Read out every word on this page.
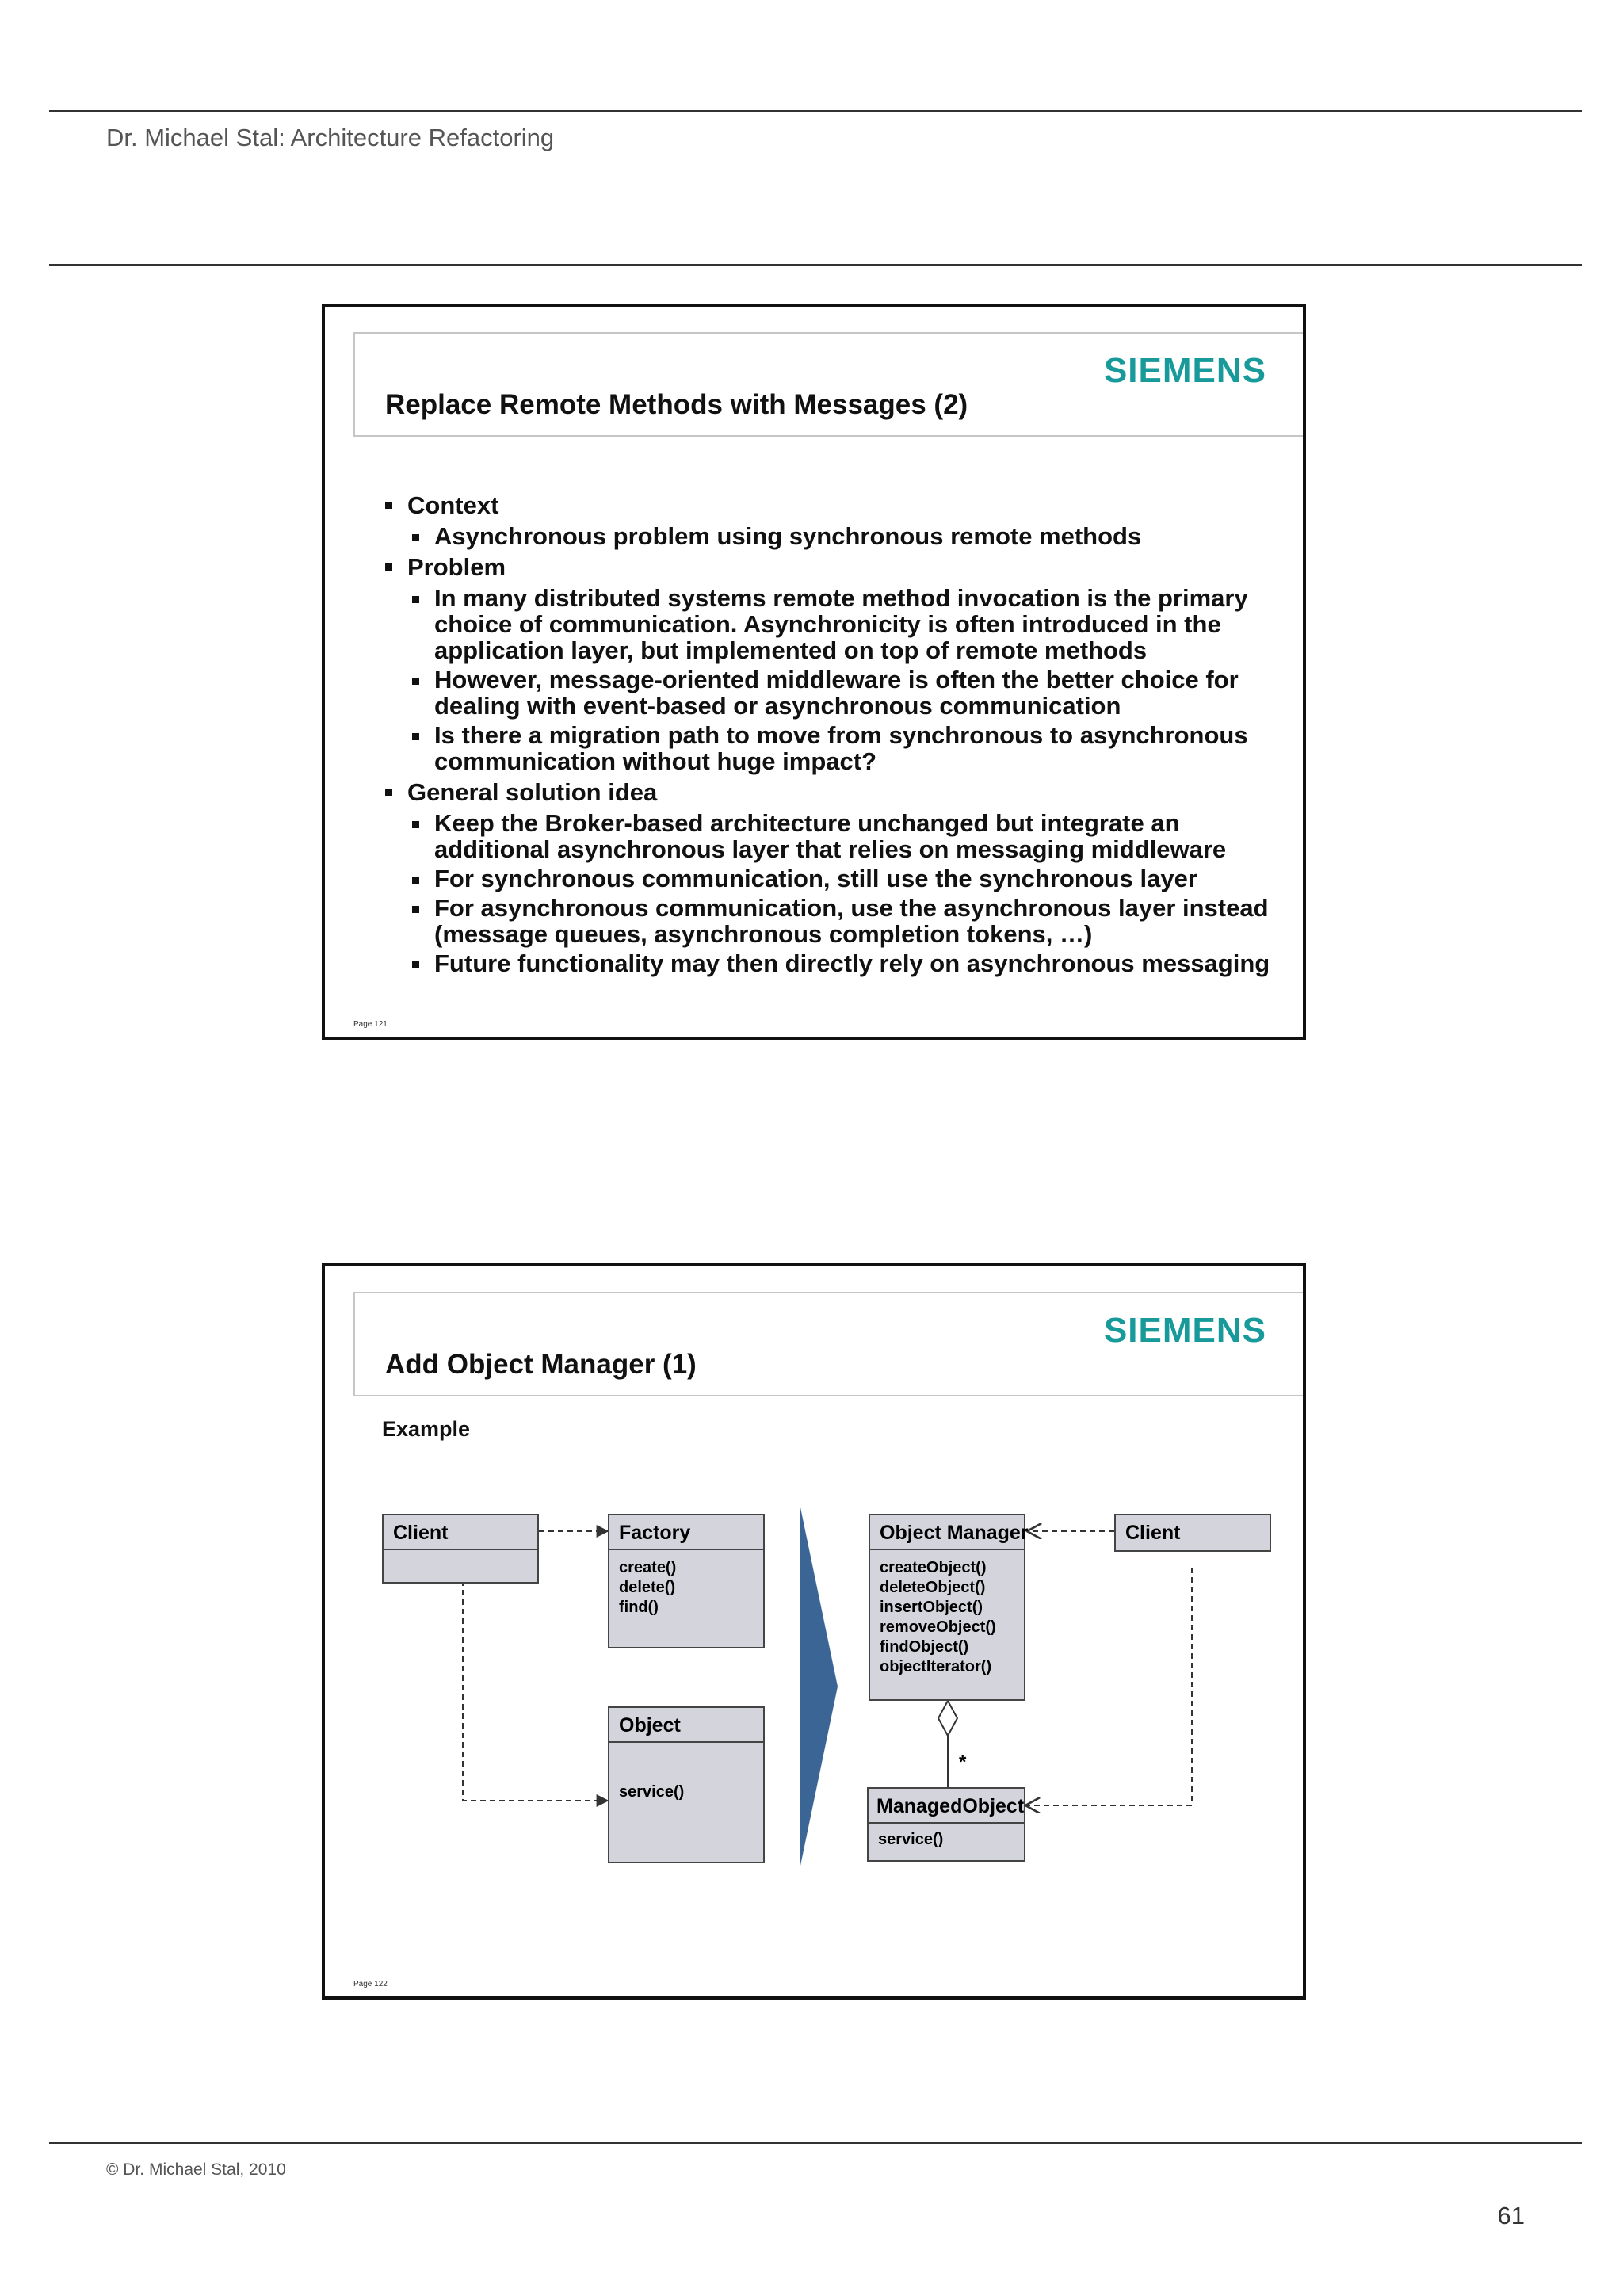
Dr. Michael Stal: Architecture Refactoring
SIEMENS
Replace Remote Methods with Messages (2)
Context
Asynchronous problem using synchronous remote methods
Problem
In many distributed systems remote method invocation is the primary choice of communication. Asynchronicity is often introduced in the application layer, but implemented on top of remote methods
However, message-oriented middleware is often the better choice for dealing with event-based or asynchronous communication
Is there a migration path to move from synchronous to asynchronous communication without huge impact?
General solution idea
Keep the Broker-based architecture unchanged but integrate an additional asynchronous layer that relies on messaging middleware
For synchronous communication, still use the synchronous layer
For asynchronous communication, use the asynchronous layer instead (message queues, asynchronous completion tokens, …)
Future functionality may then directly rely on asynchronous messaging
Page 121
SIEMENS
Add Object Manager (1)
Example
Client	Factory
create()
delete()
find()
Object
service()
Object Manager
createObject()
deleteObject()
insertObject()
removeObject()
findObject()
objectIterator()
Client
ManagedObject
service()
*
Page 122
© Dr. Michael Stal, 2010
61
